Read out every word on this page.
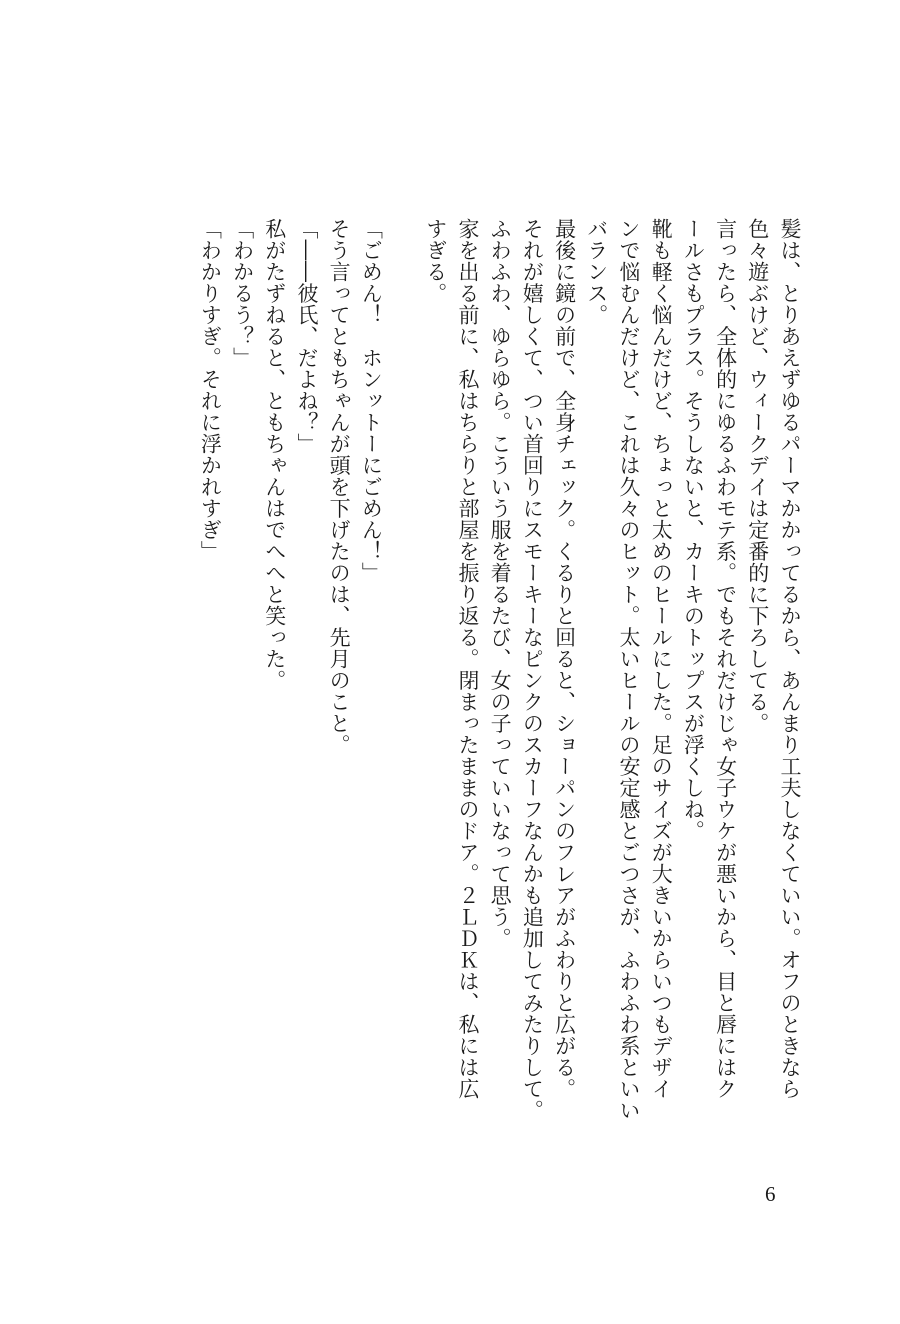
髪は、とりあえずゆるパーマかかってるから、あんまり工夫しなくていい。オフのときなら
色々遊ぶけど、ウィークデイは定番的に下ろしてる。
言ったら、全体的にゆるふわモテ系。でもそれだけじゃ女子ウケが悪いから、目と唇にはク
ールさもプラス。そうしないと、カーキのトップスが浮くしね。
靴も軽く悩んだけど、ちょっと太めのヒールにした。足のサイズが大きいからいつもデザイ
ンで悩むんだけど、これは久々のヒット。太いヒールの安定感とごつさが、ふわふわ系といい
バランス。
最後に鏡の前で、全身チェック。くるりと回ると、ショーパンのフレアがふわりと広がる。
それが嬉しくて、つい首回りにスモーキーなピンクのスカーフなんかも追加してみたりして。
ふわふわ、ゆらゆら。こういう服を着るたび、女の子っていいなって思う。
家を出る前に、私はちらりと部屋を振り返る。閉まったままのドア。２ＬＤＫは、私には広
すぎる。
「ごめん！　ホンットーにごめん！」
そう言ってともちゃんが頭を下げたのは、先月のこと。
「――彼氏、だよね？」
私がたずねると、ともちゃんはでへへと笑った。
「わかるう？」
「わかりすぎ。それに浮かれすぎ」
6
